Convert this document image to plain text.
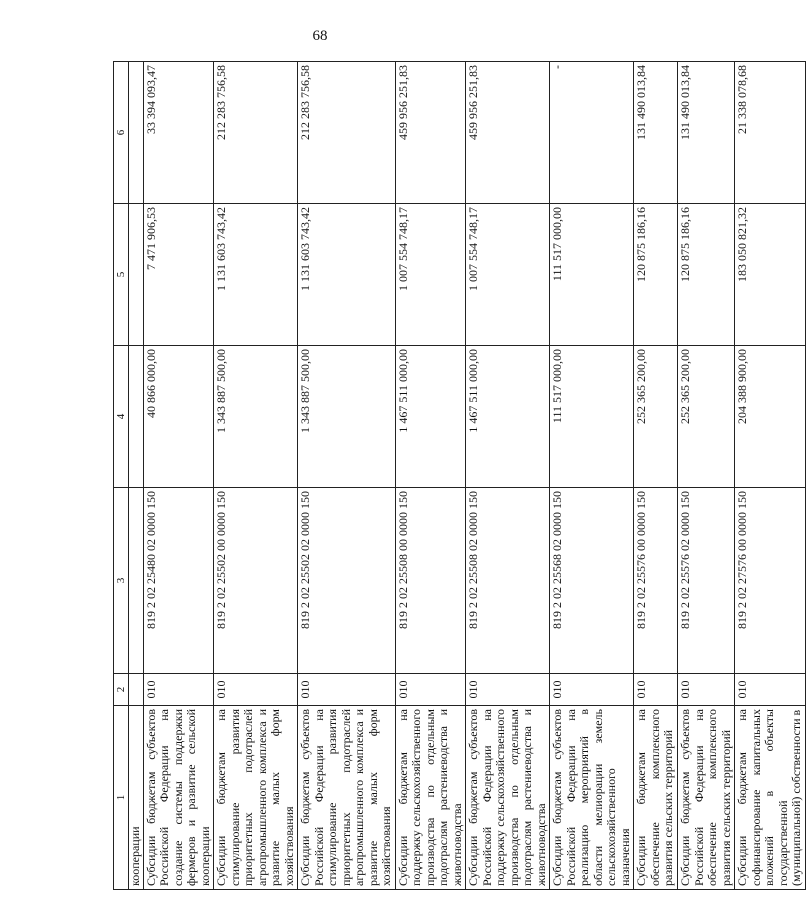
68
1	2	3	4	5	6
кооперации					
Субсидии бюджетам субъектов Российской Федерации на создание системы поддержки фермеров и развитие сельской кооперации	010	819 2 02 25480 02 0000 150	40 866 000,00	7 471 906,53	33 394 093,47
Субсидии бюджетам на стимулирование развития приоритетных подотраслей агропромышленного комплекса и развитие малых форм хозяйствования	010	819 2 02 25502 00 0000 150	1 343 887 500,00	1 131 603 743,42	212 283 756,58
Субсидии бюджетам субъектов Российской Федерации на стимулирование развития приоритетных подотраслей агропромышленного комплекса и развитие малых форм хозяйствования	010	819 2 02 25502 02 0000 150	1 343 887 500,00	1 131 603 743,42	212 283 756,58
Субсидии бюджетам на поддержку сельскохозяйственного производства по отдельным подотраслям растениеводства и животноводства	010	819 2 02 25508 00 0000 150	1 467 511 000,00	1 007 554 748,17	459 956 251,83
Субсидии бюджетам субъектов Российской Федерации на поддержку сельскохозяйственного производства по отдельным подотраслям растениеводства и животноводства	010	819 2 02 25508 02 0000 150	1 467 511 000,00	1 007 554 748,17	459 956 251,83
Субсидии бюджетам субъектов Российской Федерации на реализацию мероприятий в области мелиорации земель сельскохозяйственного назначения	010	819 2 02 25568 02 0000 150	111 517 000,00	111 517 000,00	-
Субсидии бюджетам на обеспечение комплексного развития сельских территорий	010	819 2 02 25576 00 0000 150	252 365 200,00	120 875 186,16	131 490 013,84
Субсидии бюджетам субъектов Российской Федерации на обеспечение комплексного развития сельских территорий	010	819 2 02 25576 02 0000 150	252 365 200,00	120 875 186,16	131 490 013,84
Субсидии бюджетам на софинансирование капитальных вложений в объекты государственной (муниципальной) собственности в	010	819 2 02 27576 00 0000 150	204 388 900,00	183 050 821,32	21 338 078,68
